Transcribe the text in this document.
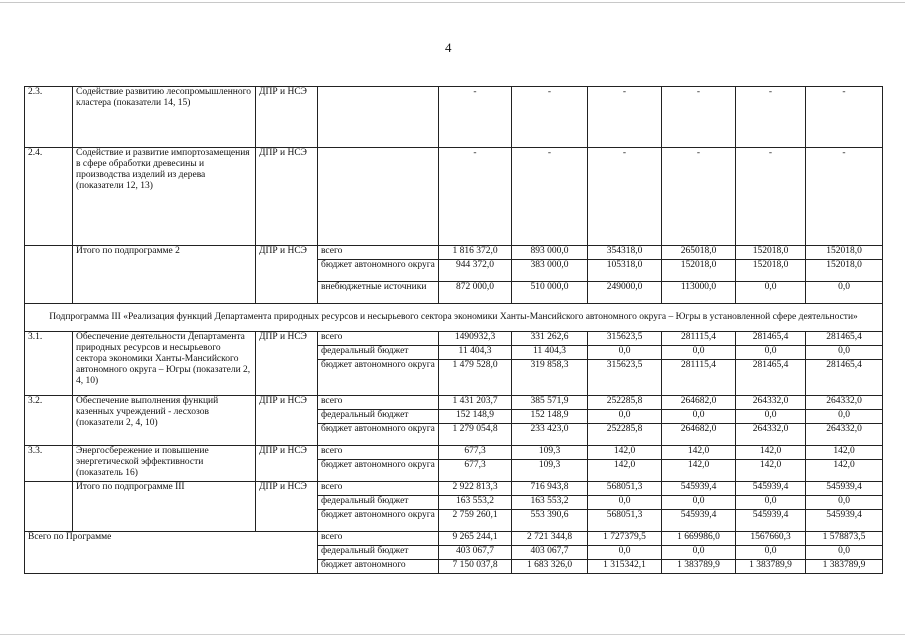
4
2.3.	Содействие развитию лесопромышленного кластера (показатели 14, 15)	ДПР и НСЭ		-	-	-	-	-	-
2.4.	Содействие и развитие импортозамещения в сфере обработки древесины и производства изделий из дерева (показатели 12, 13)	ДПР и НСЭ		-	-	-	-	-	-
	Итого по подпрограмме 2	ДПР и НСЭ	всего	1 816 372,0	893 000,0	354318,0	265018,0	152018,0	152018,0
			бюджет автономного округа	944 372,0	383 000,0	105318,0	152018,0	152018,0	152018,0
			внебюджетные источники	872 000,0	510 000,0	249000,0	113000,0	0,0	0,0
Подпрограмма III «Реализация функций Департамента природных ресурсов и несырьевого сектора экономики Ханты-Мансийского автономного округа – Югры в установленной сфере деятельности»									
3.1.	Обеспечение деятельности Департамента природных ресурсов и несырьевого сектора экономики Ханты-Мансийского автономного округа – Югры (показатели 2, 4, 10)	ДПР и НСЭ	всего	1490932,3	331 262,6	315623,5	281115,4	281465,4	281465,4
			федеральный бюджет	11 404,3	11 404,3	0,0	0,0	0,0	0,0
			бюджет автономного округа	1 479 528,0	319 858,3	315623,5	281115,4	281465,4	281465,4
3.2.	Обеспечение выполнения функций казенных учреждений - лесхозов (показатели 2, 4, 10)	ДПР и НСЭ	всего	1 431 203,7	385 571,9	252285,8	264682,0	264332,0	264332,0
			федеральный бюджет	152 148,9	152 148,9	0,0	0,0	0,0	0,0
			бюджет автономного округа	1 279 054,8	233 423,0	252285,8	264682,0	264332,0	264332,0
3.3.	Энергосбережение и повышение энергетической эффективности (показатель 16)	ДПР и НСЭ	всего	677,3	109,3	142,0	142,0	142,0	142,0
			бюджет автономного округа	677,3	109,3	142,0	142,0	142,0	142,0
	Итого по подпрограмме III	ДПР и НСЭ	всего	2 922 813,3	716 943,8	568051,3	545939,4	545939,4	545939,4
			федеральный бюджет	163 553,2	163 553,2	0,0	0,0	0,0	0,0
			бюджет автономного округа	2 759 260,1	553 390,6	568051,3	545939,4	545939,4	545939,4
Всего по Программе			всего	9 265 244,1	2 721 344,8	1 727379,5	1 669986,0	1567660,3	1 578873,5
			федеральный бюджет	403 067,7	403 067,7	0,0	0,0	0,0	0,0
			бюджет автономного	7 150 037,8	1 683 326,0	1 315342,1	1 383789,9	1 383789,9	1 383789,9
